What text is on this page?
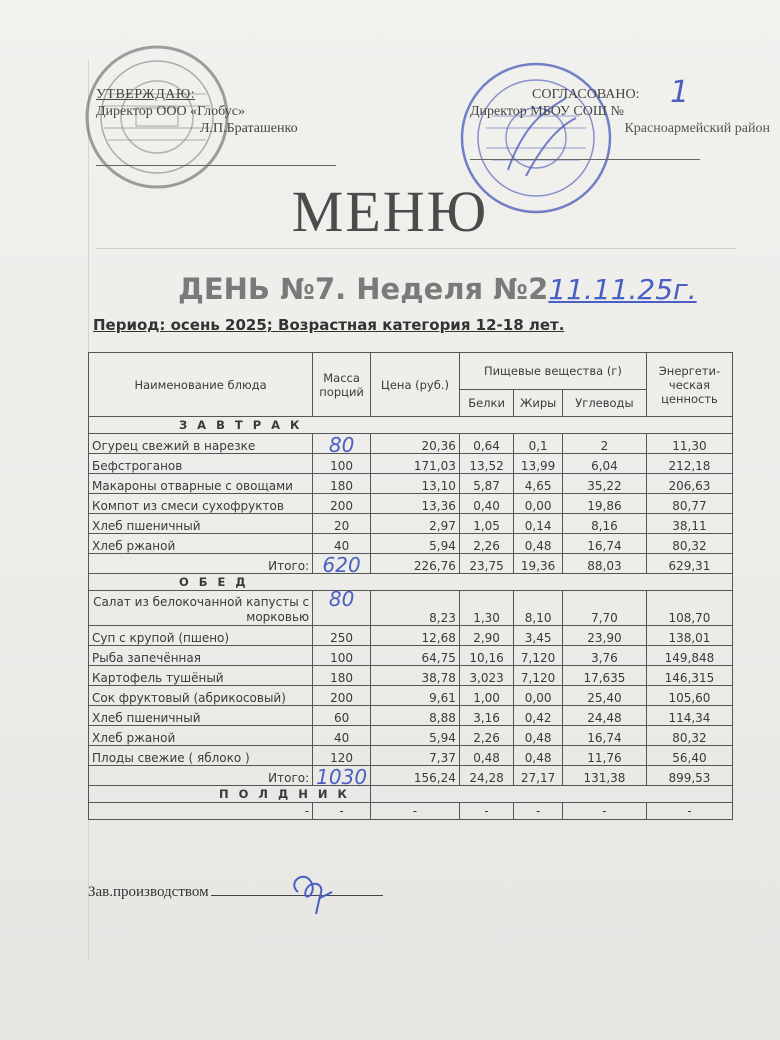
УТВЕРЖДАЮ:
Директор ООО «Глобус»
Л.П.Браташенко
СОГЛАСОВАНО:
Директор МБОУ СОШ №
1
Красноармейский район
МЕНЮ
ДЕНЬ №7. Неделя №211.11.25г.
Период: осень 2025; Возрастная категория 12-18 лет.
Наименование блюда	Масса порций	Цена (руб.)	Пищевые вещества (г)			Энергети-ческая ценность
			Белки	Жиры	Углеводы	
З А В Т Р А К						
Огурец свежий в нарезке	80	20,36	0,64	0,1	2	11,30
Бефстроганов	100	171,03	13,52	13,99	6,04	212,18
Макароны отварные с овощами	180	13,10	5,87	4,65	35,22	206,63
Компот из смеси сухофруктов	200	13,36	0,40	0,00	19,86	80,77
Хлеб пшеничный	20	2,97	1,05	0,14	8,16	38,11
Хлеб ржаной	40	5,94	2,26	0,48	16,74	80,32
Итого:	620	226,76	23,75	19,36	88,03	629,31
О Б Е Д						
Салат из белокочанной капусты с морковью	80	8,23	1,30	8,10	7,70	108,70
Суп с крупой (пшено)	250	12,68	2,90	3,45	23,90	138,01
Рыба запечённая	100	64,75	10,16	7,120	3,76	149,848
Картофель тушёный	180	38,78	3,023	7,120	17,635	146,315
Сок фруктовый (абрикосовый)	200	9,61	1,00	0,00	25,40	105,60
Хлеб пшеничный	60	8,88	3,16	0,42	24,48	114,34
Хлеб ржаной	40	5,94	2,26	0,48	16,74	80,32
Плоды свежие ( яблоко )	120	7,37	0,48	0,48	11,76	56,40
Итого:	1030	156,24	24,28	27,17	131,38	899,53
П О Л Д Н И К						
-	-	-	-	-	-	-
Зав.производством
